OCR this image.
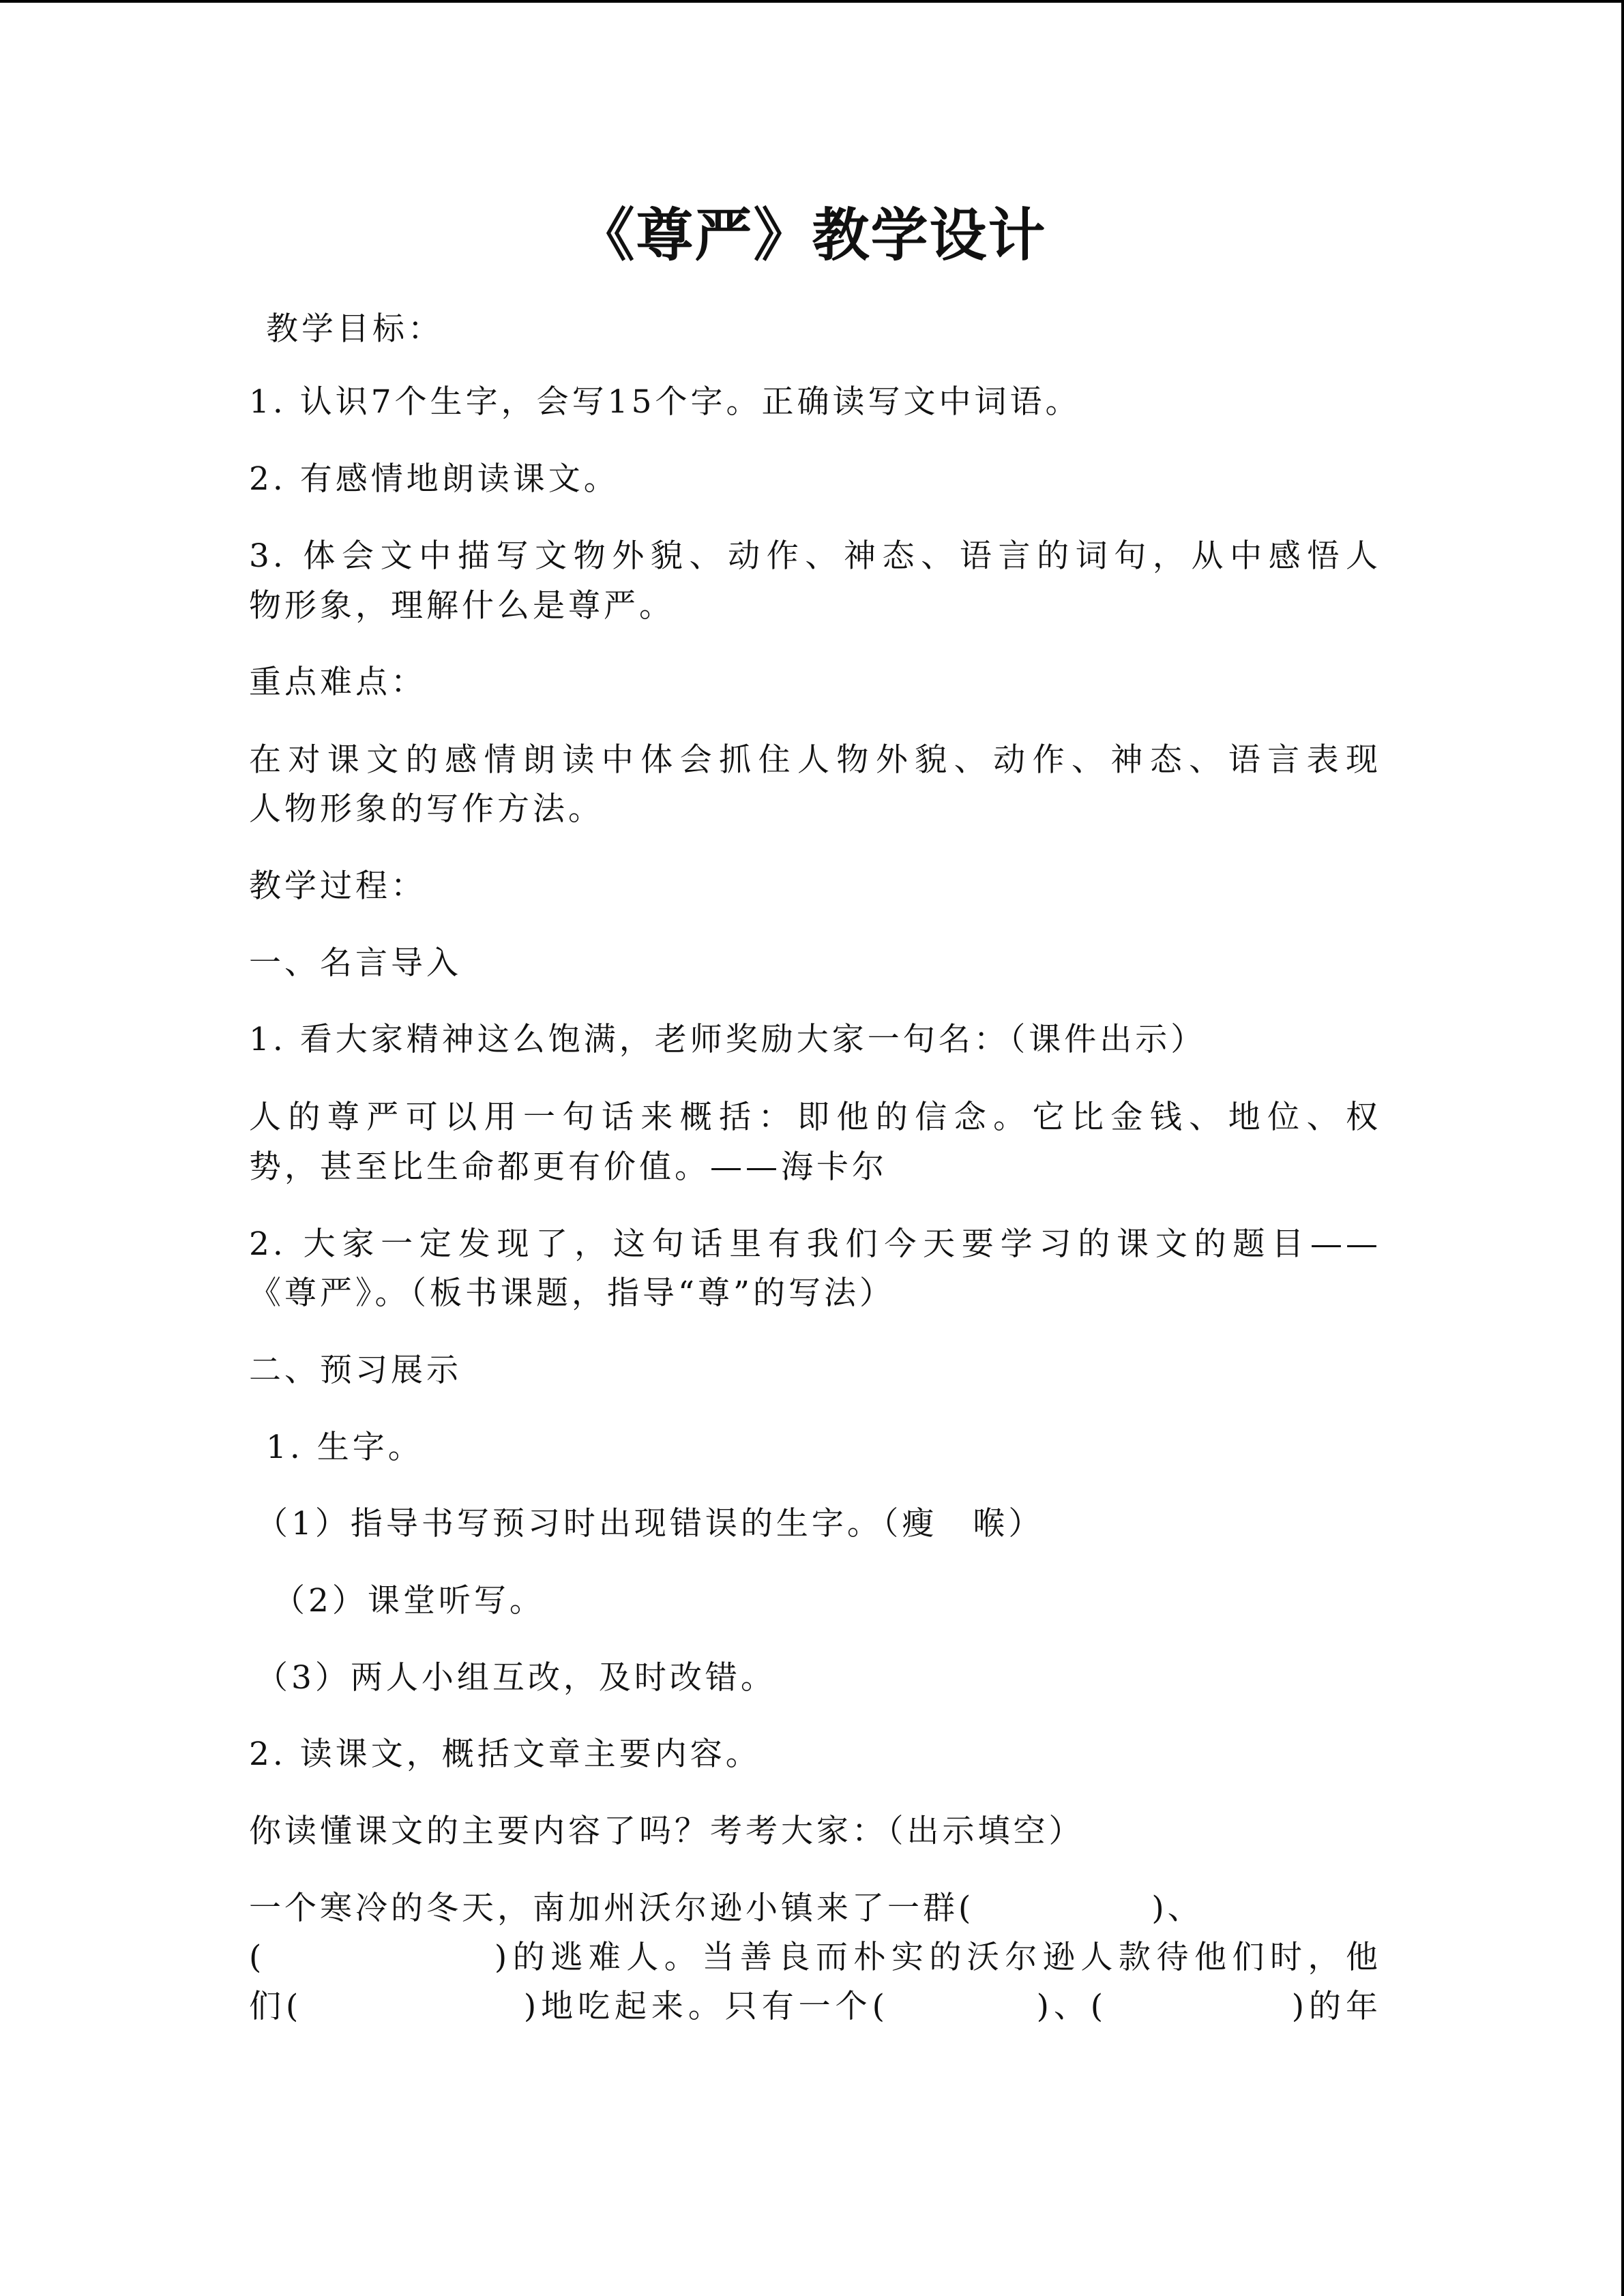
《尊严》教学设计
教学目标：
1. 认识7个生字，会写15个字。正确读写文中词语。
2. 有感情地朗读课文。
3. 体会文中描写文物外貌、动作、神态、语言的词句，从中感悟人
物形象，理解什么是尊严。
重点难点：
在对课文的感情朗读中体会抓住人物外貌、动作、神态、语言表现
人物形象的写作方法。
教学过程：
一、名言导入
1. 看大家精神这么饱满，老师奖励大家一句名：（课件出示）
人的尊严可以用一句话来概括：即他的信念。它比金钱、地位、权
势，甚至比生命都更有价值。——海卡尔
2. 大家一定发现了，这句话里有我们今天要学习的课文的题目——
《尊严》。（板书课题，指导“尊”的写法）
二、预习展示
1. 生字。
（1）指导书写预习时出现错误的生字。（瘦　喉）
（2）课堂听写。
（3）两人小组互改，及时改错。
2. 读课文，概括文章主要内容。
你读懂课文的主要内容了吗？考考大家：（出示填空）
一个寒冷的冬天，南加州沃尔逊小镇来了一群(　　　　　)、
(　　　　　　)的逃难人。当善良而朴实的沃尔逊人款待他们时，他
们(　　　　　　)地吃起来。只有一个(　　　　)、(　　　　　)的年
